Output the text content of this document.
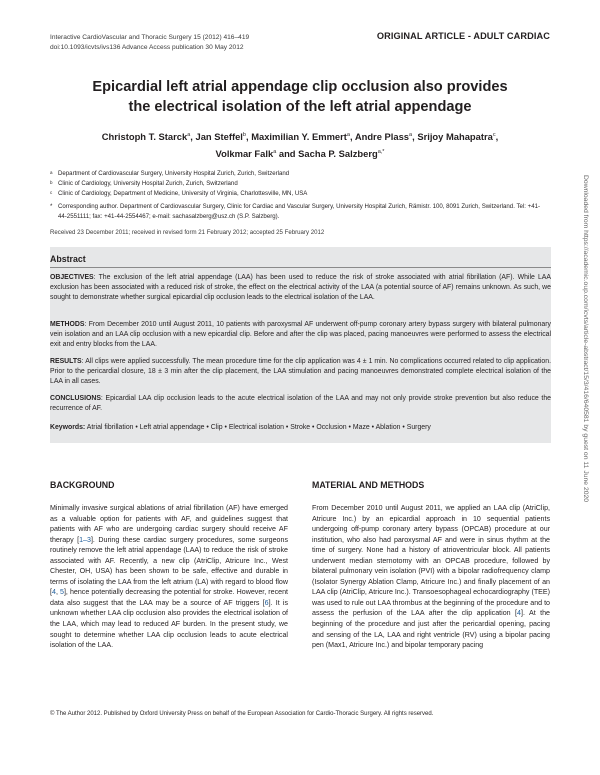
Interactive CardioVascular and Thoracic Surgery 15 (2012) 416–419
doi:10.1093/icvts/ivs136 Advance Access publication 30 May 2012
ORIGINAL ARTICLE - ADULT CARDIAC
Epicardial left atrial appendage clip occlusion also provides
the electrical isolation of the left atrial appendage
Christoph T. Starck$^a$, Jan Steffel$^b$, Maximilian Y. Emmert$^a$, Andre Plass$^a$, Srijoy Mahapatra$^c$,
Volkmar Falk$^a$ and Sacha P. Salzberg$^{a,*}$
a Department of Cardiovascular Surgery, University Hospital Zurich, Zurich, Switzerland
b Clinic of Cardiology, University Hospital Zurich, Zurich, Switzerland
c Clinic of Cardiology, Department of Medicine, University of Virginia, Charlottesville, MN, USA
* Corresponding author. Department of Cardiovascular Surgery, Clinic for Cardiac and Vascular Surgery, University Hospital Zurich, Rämistr. 100, 8091 Zurich, Switzerland. Tel: +41-44-2551111; fax: +41-44-2554467; e-mail: sachasalzberg@usz.ch (S.P. Salzberg).
Received 23 December 2011; received in revised form 21 February 2012; accepted 25 February 2012
Abstract
OBJECTIVES: The exclusion of the left atrial appendage (LAA) has been used to reduce the risk of stroke associated with atrial fibrillation (AF). While LAA exclusion has been associated with a reduced risk of stroke, the effect on the electrical activity of the LAA (a potential source of AF) remains unknown. As such, we sought to demonstrate whether surgical epicardial clip occlusion leads to the electrical isolation of the LAA.
METHODS: From December 2010 until August 2011, 10 patients with paroxysmal AF underwent off-pump coronary artery bypass surgery with bilateral pulmonary vein isolation and an LAA clip occlusion with a new epicardial clip. Before and after the clip was placed, pacing manoeuvres were performed to assess the electrical exit and entry blocks from the LAA.
RESULTS: All clips were applied successfully. The mean procedure time for the clip application was 4 ± 1 min. No complications occurred related to clip application. Prior to the pericardial closure, 18 ± 3 min after the clip placement, the LAA stimulation and pacing manoeuvres demonstrated complete electrical isolation of the LAA in all cases.
CONCLUSIONS: Epicardial LAA clip occlusion leads to the acute electrical isolation of the LAA and may not only provide stroke prevention but also reduce the recurrence of AF.
Keywords: Atrial fibrillation • Left atrial appendage • Clip • Electrical isolation • Stroke • Occlusion • Maze • Ablation • Surgery
BACKGROUND	MATERIAL AND METHODS
Minimally invasive surgical ablations of atrial fibrillation (AF) have emerged as a valuable option for patients with AF, and guidelines suggest that patients with AF who are undergoing cardiac surgery should receive AF therapy [1–3]. During these cardiac surgery procedures, some surgeons routinely remove the left atrial appendage (LAA) to reduce the risk of stroke associated with AF. Recently, a new clip (AtriClip, Atricure Inc., West Chester, OH, USA) has been shown to be safe, effective and durable in terms of isolating the LAA from the left atrium (LA) with regard to blood flow [4, 5], hence potentially decreasing the potential for stroke. However, recent data also suggest that the LAA may be a source of AF triggers [6]. It is unknown whether LAA clip occlusion also provides the electrical isolation of the LAA, which may lead to reduced AF burden. In the present study, we sought to determine whether LAA clip occlusion leads to acute electrical isolation of the LAA.
From December 2010 until August 2011, we applied an LAA clip (AtriClip, Atricure Inc.) by an epicardial approach in 10 sequential patients undergoing off-pump coronary artery bypass (OPCAB) procedure at our institution, who also had paroxysmal AF and were in sinus rhythm at the time of surgery. None had a history of atrioventricular block. All patients underwent median sternotomy with an OPCAB procedure, followed by bilateral pulmonary vein isolation (PVI) with a bipolar radiofrequency clamp (Isolator Synergy Ablation Clamp, Atricure Inc.) and finally placement of an LAA clip (AtriClip, Atricure Inc.). Transoesophageal echocardiography (TEE) was used to rule out LAA thrombus at the beginning of the procedure and to assess the perfusion of the LAA after the clip application [4]. At the beginning of the procedure and just after the pericardial opening, pacing and sensing of the LA, LAA and right ventricle (RV) using a bipolar pacing pen (Max1, Atricure Inc.) and bipolar temporary pacing
© The Author 2012. Published by Oxford University Press on behalf of the European Association for Cardio-Thoracic Surgery. All rights reserved.
Downloaded from https://academic.oup.com/icvts/article-abstract/15/3/416/640581 by guest on 11 June 2020
